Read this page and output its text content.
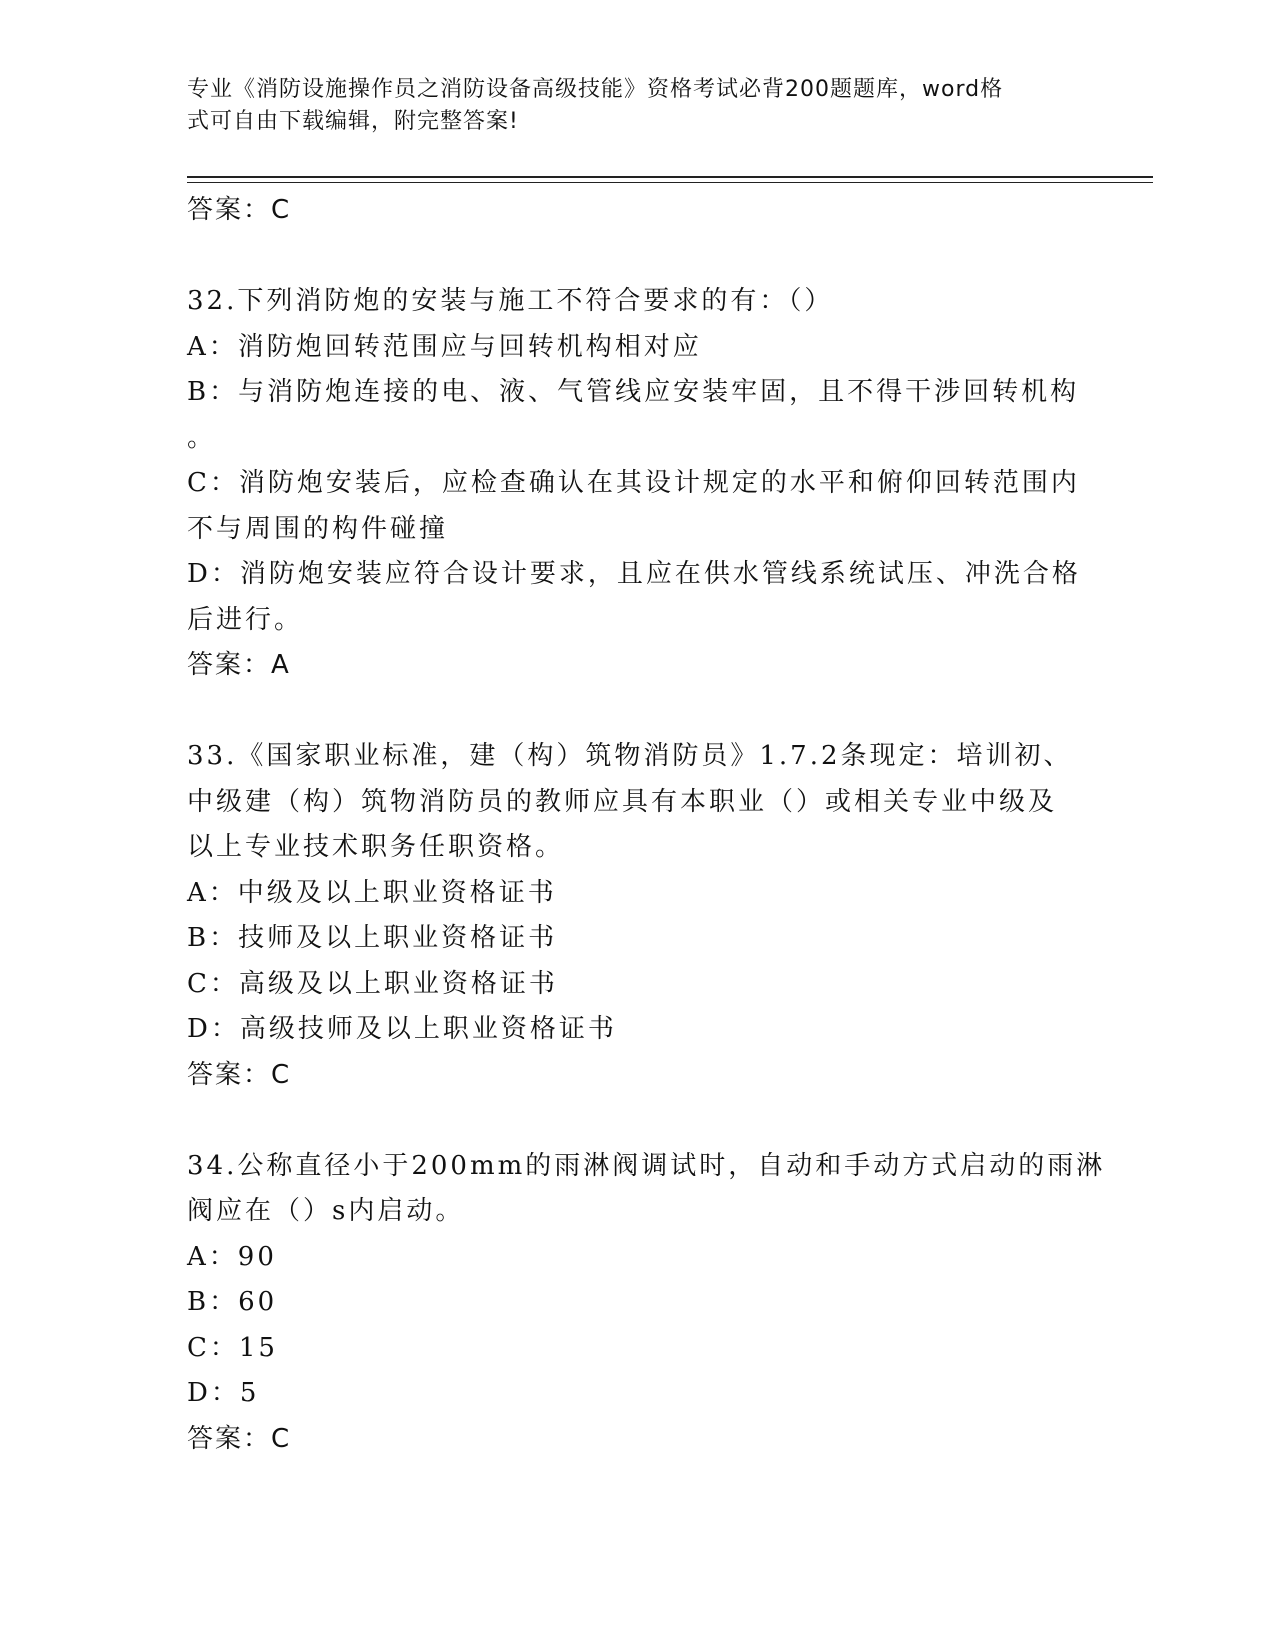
专业《消防设施操作员之消防设备高级技能》资格考试必背200题题库，word格
式可自由下载编辑，附完整答案!
答案：C
32.下列消防炮的安装与施工不符合要求的有：（）
A：消防炮回转范围应与回转机构相对应
B：与消防炮连接的电、液、气管线应安装牢固，且不得干涉回转机构
。
C：消防炮安装后，应检查确认在其设计规定的水平和俯仰回转范围内
不与周围的构件碰撞
D：消防炮安装应符合设计要求，且应在供水管线系统试压、冲洗合格
后进行。
答案：A
33.《国家职业标准，建（构）筑物消防员》1.7.2条现定：培训初、
中级建（构）筑物消防员的教师应具有本职业（）或相关专业中级及
以上专业技术职务任职资格。
A：中级及以上职业资格证书
B：技师及以上职业资格证书
C：高级及以上职业资格证书
D：高级技师及以上职业资格证书
答案：C
34.公称直径小于200mm的雨淋阀调试时，自动和手动方式启动的雨淋
阀应在（）s内启动。
A：90
B：60
C：15
D：5
答案：C
